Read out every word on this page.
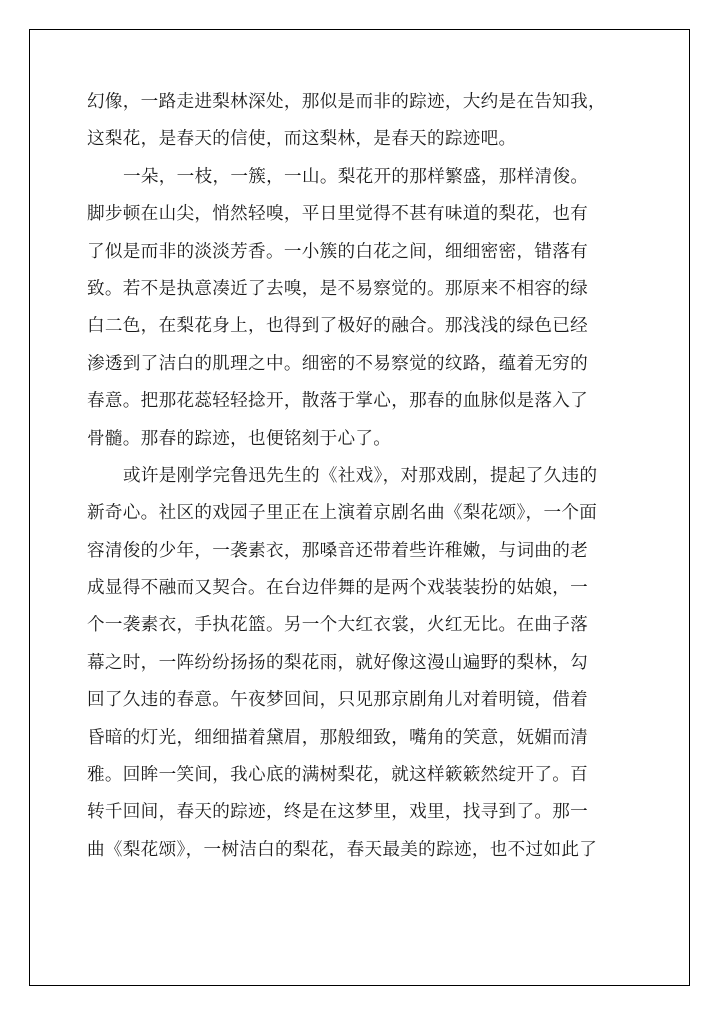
幻像，一路走进梨林深处，那似是而非的踪迹，大约是在告知我，
这梨花，是春天的信使，而这梨林，是春天的踪迹吧。
一朵，一枝，一簇，一山。梨花开的那样繁盛，那样清俊。
脚步顿在山尖，悄然轻嗅，平日里觉得不甚有味道的梨花，也有
了似是而非的淡淡芳香。一小簇的白花之间，细细密密，错落有
致。若不是执意凑近了去嗅，是不易察觉的。那原来不相容的绿
白二色，在梨花身上，也得到了极好的融合。那浅浅的绿色已经
渗透到了洁白的肌理之中。细密的不易察觉的纹路，蕴着无穷的
春意。把那花蕊轻轻捻开，散落于掌心，那春的血脉似是落入了
骨髓。那春的踪迹，也便铭刻于心了。
或许是刚学完鲁迅先生的《社戏》，对那戏剧，提起了久违的
新奇心。社区的戏园子里正在上演着京剧名曲《梨花颂》，一个面
容清俊的少年，一袭素衣，那嗓音还带着些许稚嫩，与词曲的老
成显得不融而又契合。在台边伴舞的是两个戏装装扮的姑娘，一
个一袭素衣，手执花篮。另一个大红衣裳，火红无比。在曲子落
幕之时，一阵纷纷扬扬的梨花雨，就好像这漫山遍野的梨林，勾
回了久违的春意。午夜梦回间，只见那京剧角儿对着明镜，借着
昏暗的灯光，细细描着黛眉，那般细致，嘴角的笑意，妩媚而清
雅。回眸一笑间，我心底的满树梨花，就这样簌簌然绽开了。百
转千回间，春天的踪迹，终是在这梦里，戏里，找寻到了。那一
曲《梨花颂》，一树洁白的梨花，春天最美的踪迹，也不过如此了
